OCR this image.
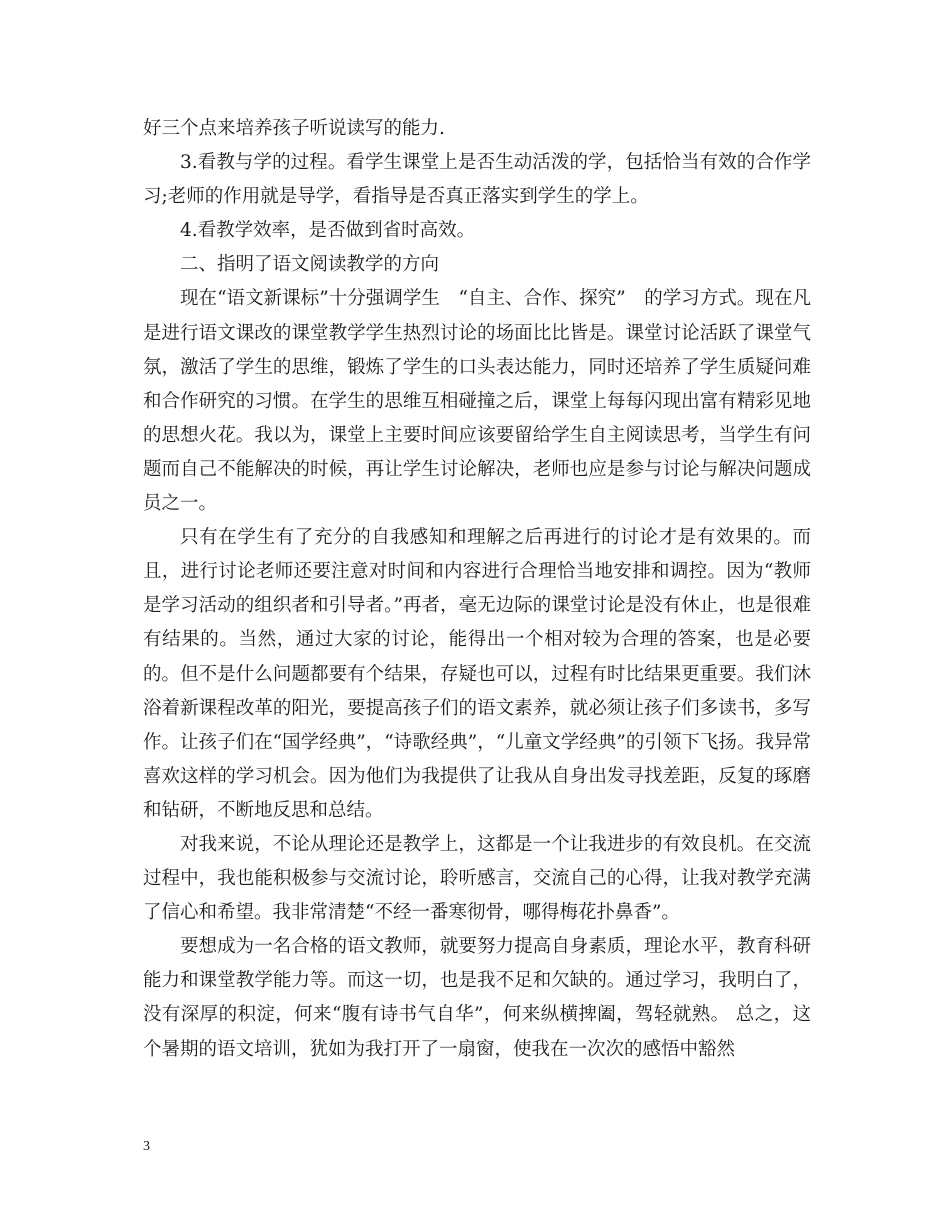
好三个点来培养孩子听说读写的能力.

3.看教与学的过程。看学生课堂上是否生动活泼的学，包括恰当有效的合作学习;老师的作用就是导学，看指导是否真正落实到学生的学上。

4.看教学效率，是否做到省时高效。

二、指明了语文阅读教学的方向

现在“语文新课标”十分强调学生　“自主、合作、探究”　的学习方式。现在凡是进行语文课改的课堂教学学生热烈讨论的场面比比皆是。课堂讨论活跃了课堂气氛，激活了学生的思维，锻炼了学生的口头表达能力，同时还培养了学生质疑问难和合作研究的习惯。在学生的思维互相碰撞之后，课堂上每每闪现出富有精彩见地的思想火花。我以为，课堂上主要时间应该要留给学生自主阅读思考，当学生有问题而自己不能解决的时候，再让学生讨论解决，老师也应是参与讨论与解决问题成员之一。

只有在学生有了充分的自我感知和理解之后再进行的讨论才是有效果的。而且，进行讨论老师还要注意对时间和内容进行合理恰当地安排和调控。因为“教师是学习活动的组织者和引导者。”再者，毫无边际的课堂讨论是没有休止，也是很难有结果的。当然，通过大家的讨论，能得出一个相对较为合理的答案，也是必要的。但不是什么问题都要有个结果，存疑也可以，过程有时比结果更重要。我们沐浴着新课程改革的阳光，要提高孩子们的语文素养，就必须让孩子们多读书，多写作。让孩子们在“国学经典”，“诗歌经典”，“儿童文学经典”的引领下飞扬。我异常喜欢这样的学习机会。因为他们为我提供了让我从自身出发寻找差距，反复的琢磨和钻研，不断地反思和总结。

对我来说，不论从理论还是教学上，这都是一个让我进步的有效良机。在交流过程中，我也能积极参与交流讨论，聆听感言，交流自己的心得，让我对教学充满了信心和希望。我非常清楚“不经一番寒彻骨，哪得梅花扑鼻香”。

要想成为一名合格的语文教师，就要努力提高自身素质，理论水平，教育科研能力和课堂教学能力等。而这一切，也是我不足和欠缺的。通过学习，我明白了，没有深厚的积淀，何来“腹有诗书气自华”，何来纵横捭阖，驾轻就熟。 总之，这个暑期的语文培训，犹如为我打开了一扇窗，使我在一次次的感悟中豁然

3
